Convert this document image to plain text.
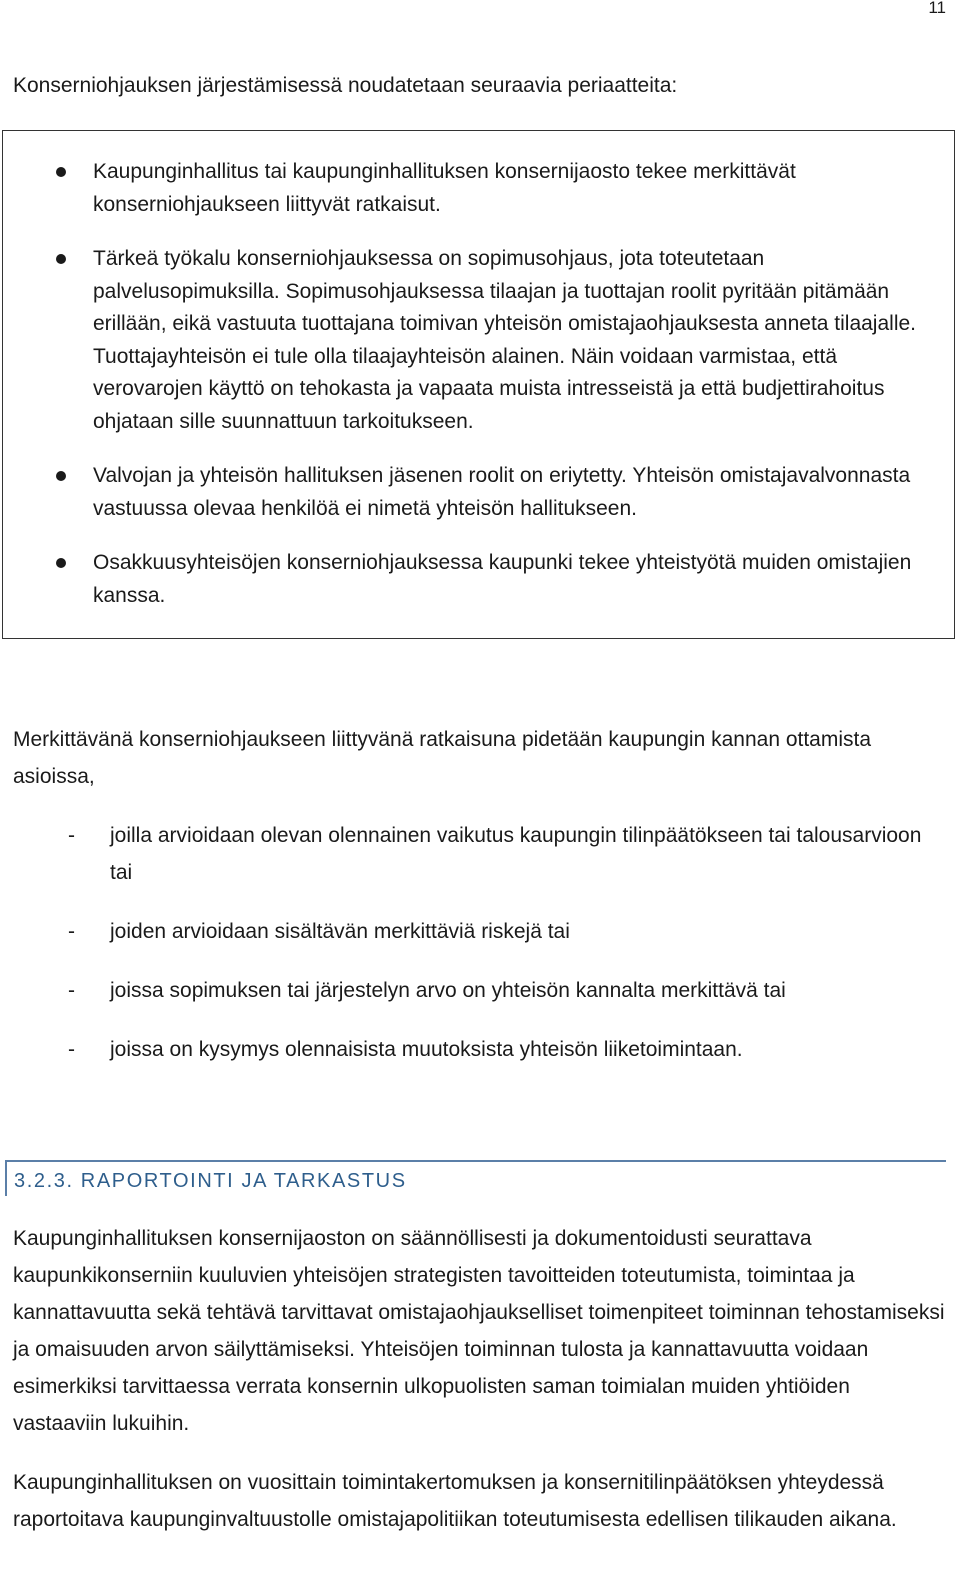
11

Konserniohjauksen järjestämisessä noudatetaan seuraavia periaatteita:

Kaupunginhallitus tai kaupunginhallituksen konsernijaosto tekee merkittävät konserniohjaukseen liittyvät ratkaisut.
Tärkeä työkalu konserniohjauksessa on sopimusohjaus, jota toteutetaan palvelusopimuksilla. Sopimusohjauksessa tilaajan ja tuottajan roolit pyritään pitämään erillään, eikä vastuuta tuottajana toimivan yhteisön omistajaohjauksesta anneta tilaajalle. Tuottajayhteisön ei tule olla tilaajayhteisön alainen. Näin voidaan varmistaa, että verovarojen käyttö on tehokasta ja vapaata muista intresseistä ja että budjettirahoitus ohjataan sille suunnattuun tarkoitukseen.
Valvojan ja yhteisön hallituksen jäsenen roolit on eriytetty. Yhteisön omistajavalvonnasta vastuussa olevaa henkilöä ei nimetä yhteisön hallitukseen.
Osakkuusyhteisöjen konserniohjauksessa kaupunki tekee yhteistyötä muiden omistajien kanssa.

Merkittävänä konserniohjaukseen liittyvänä ratkaisuna pidetään kaupungin kannan ottamista asioissa,

- joilla arvioidaan olevan olennainen vaikutus kaupungin tilinpäätökseen tai talousarvioon tai
- joiden arvioidaan sisältävän merkittäviä riskejä tai
- joissa sopimuksen tai järjestelyn arvo on yhteisön kannalta merkittävä tai
- joissa on kysymys olennaisista muutoksista yhteisön liiketoimintaan.
3.2.3. RAPORTOINTI JA TARKASTUS

Kaupunginhallituksen konsernijaoston on säännöllisesti ja dokumentoidusti seurattava kaupunkikonserniin kuuluvien yhteisöjen strategisten tavoitteiden toteutumista, toimintaa ja kannattavuutta sekä tehtävä tarvittavat omistajaohjaukselliset toimenpiteet toiminnan tehostamiseksi ja omaisuuden arvon säilyttämiseksi. Yhteisöjen toiminnan tulosta ja kannattavuutta voidaan esimerkiksi tarvittaessa verrata konsernin ulkopuolisten saman toimialan muiden yhtiöiden vastaaviin lukuihin.

Kaupunginhallituksen on vuosittain toimintakertomuksen ja konsernitilinpäätöksen yhteydessä raportoitava kaupunginvaltuustolle omistajapolitiikan toteutumisesta edellisen tilikauden aikana.
